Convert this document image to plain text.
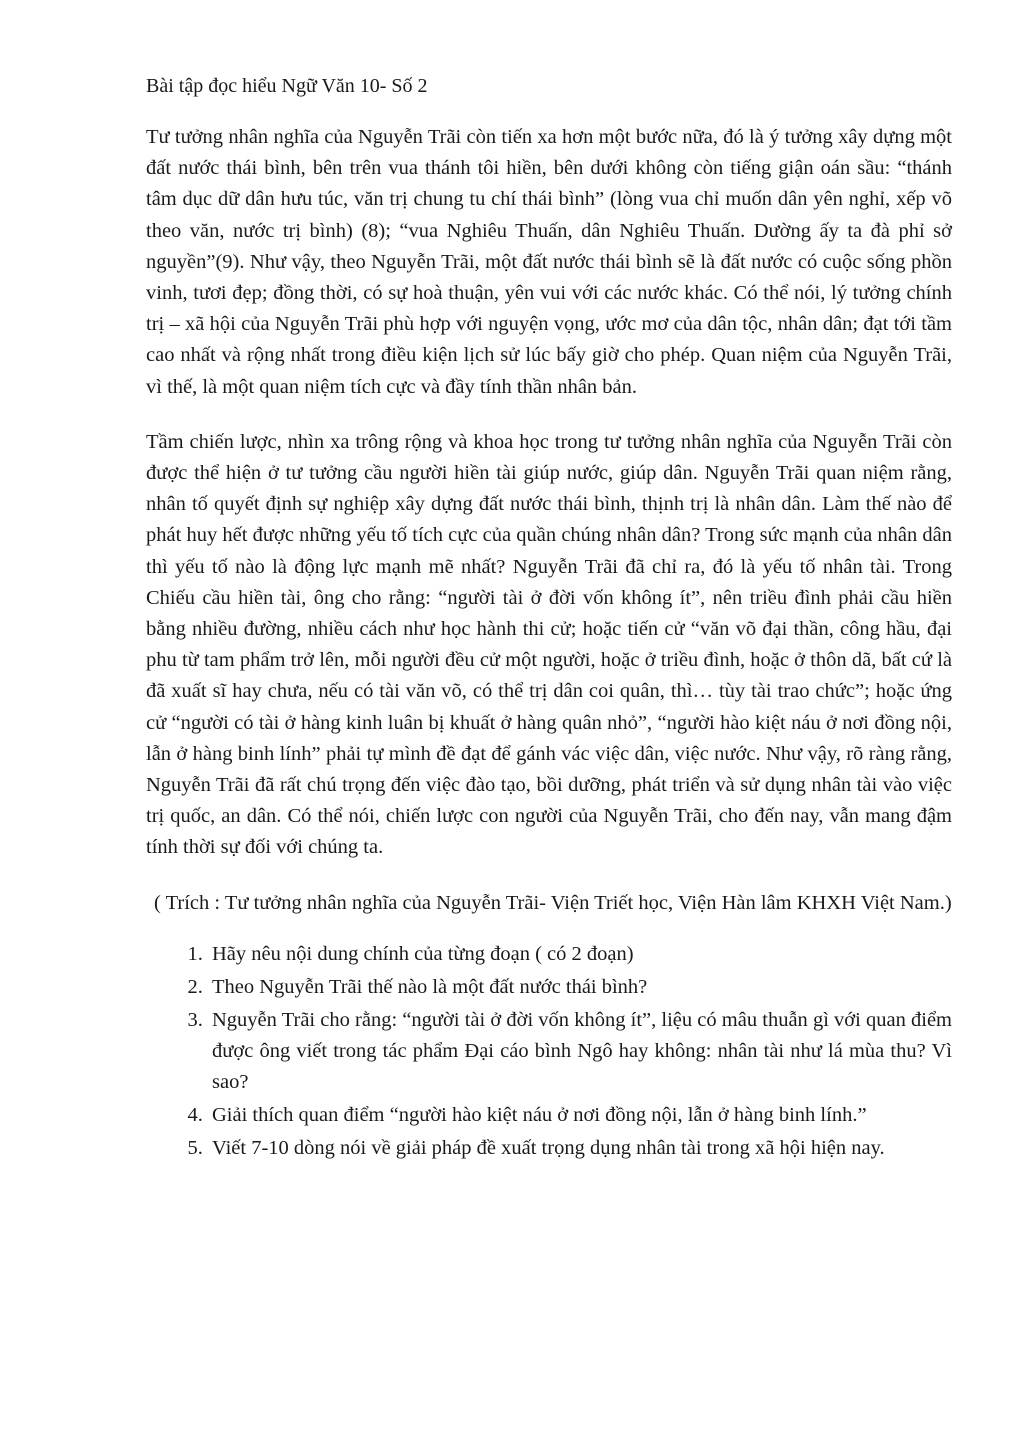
Bài tập đọc hiểu Ngữ Văn 10- Số 2

Tư tưởng nhân nghĩa của Nguyễn Trãi còn tiến xa hơn một bước nữa, đó là ý tưởng xây dựng một đất nước thái bình, bên trên vua thánh tôi hiền, bên dưới không còn tiếng giận oán sầu: “thánh tâm dục dữ dân hưu túc, văn trị chung tu chí thái bình” (lòng vua chỉ muốn dân yên nghỉ, xếp võ theo văn, nước trị bình) (8); “vua Nghiêu Thuấn, dân Nghiêu Thuấn. Dường ấy ta đà phỉ sở nguyền”(9). Như vậy, theo Nguyễn Trãi, một đất nước thái bình sẽ là đất nước có cuộc sống phồn vinh, tươi đẹp; đồng thời, có sự hoà thuận, yên vui với các nước khác. Có thể nói, lý tưởng chính trị – xã hội của Nguyễn Trãi phù hợp với nguyện vọng, ước mơ của dân tộc, nhân dân; đạt tới tầm cao nhất và rộng nhất trong điều kiện lịch sử lúc bấy giờ cho phép. Quan niệm của Nguyễn Trãi, vì thế, là một quan niệm tích cực và đầy tính thần nhân bản.

Tầm chiến lược, nhìn xa trông rộng và khoa học trong tư tưởng nhân nghĩa của Nguyễn Trãi còn được thể hiện ở tư tưởng cầu người hiền tài giúp nước, giúp dân. Nguyễn Trãi quan niệm rằng, nhân tố quyết định sự nghiệp xây dựng đất nước thái bình, thịnh trị là nhân dân. Làm thế nào để phát huy hết được những yếu tố tích cực của quần chúng nhân dân? Trong sức mạnh của nhân dân thì yếu tố nào là động lực mạnh mẽ nhất? Nguyễn Trãi đã chỉ ra, đó là yếu tố nhân tài. Trong Chiếu cầu hiền tài, ông cho rằng: “người tài ở đời vốn không ít”, nên triều đình phải cầu hiền bằng nhiều đường, nhiều cách như học hành thi cử; hoặc tiến cử “văn võ đại thần, công hầu, đại phu từ tam phẩm trở lên, mỗi người đều cử một người, hoặc ở triều đình, hoặc ở thôn dã, bất cứ là đã xuất sĩ hay chưa, nếu có tài văn võ, có thể trị dân coi quân, thì… tùy tài trao chức”; hoặc ứng cử “người có tài ở hàng kinh luân bị khuất ở hàng quân nhỏ”, “người hào kiệt náu ở nơi đồng nội, lẫn ở hàng binh lính” phải tự mình đề đạt để gánh vác việc dân, việc nước. Như vậy, rõ ràng rằng, Nguyễn Trãi đã rất chú trọng đến việc đào tạo, bồi dưỡng, phát triển và sử dụng nhân tài vào việc trị quốc, an dân. Có thể nói, chiến lược con người của Nguyễn Trãi, cho đến nay, vẫn mang đậm tính thời sự đối với chúng ta.

( Trích : Tư tưởng nhân nghĩa của Nguyễn Trãi- Viện Triết học, Viện Hàn lâm KHXH Việt Nam.)

1. Hãy nêu nội dung chính của từng đoạn ( có 2 đoạn)
2. Theo Nguyễn Trãi thế nào là một đất nước thái bình?
3. Nguyễn Trãi cho rằng: “người tài ở đời vốn không ít”, liệu có mâu thuẫn gì với quan điểm được ông viết trong tác phẩm Đại cáo bình Ngô hay không: nhân tài như lá mùa thu? Vì sao?
4. Giải thích quan điểm “người hào kiệt náu ở nơi đồng nội, lẫn ở hàng binh lính.”
5. Viết 7-10 dòng nói về giải pháp đề xuất trọng dụng nhân tài trong xã hội hiện nay.
